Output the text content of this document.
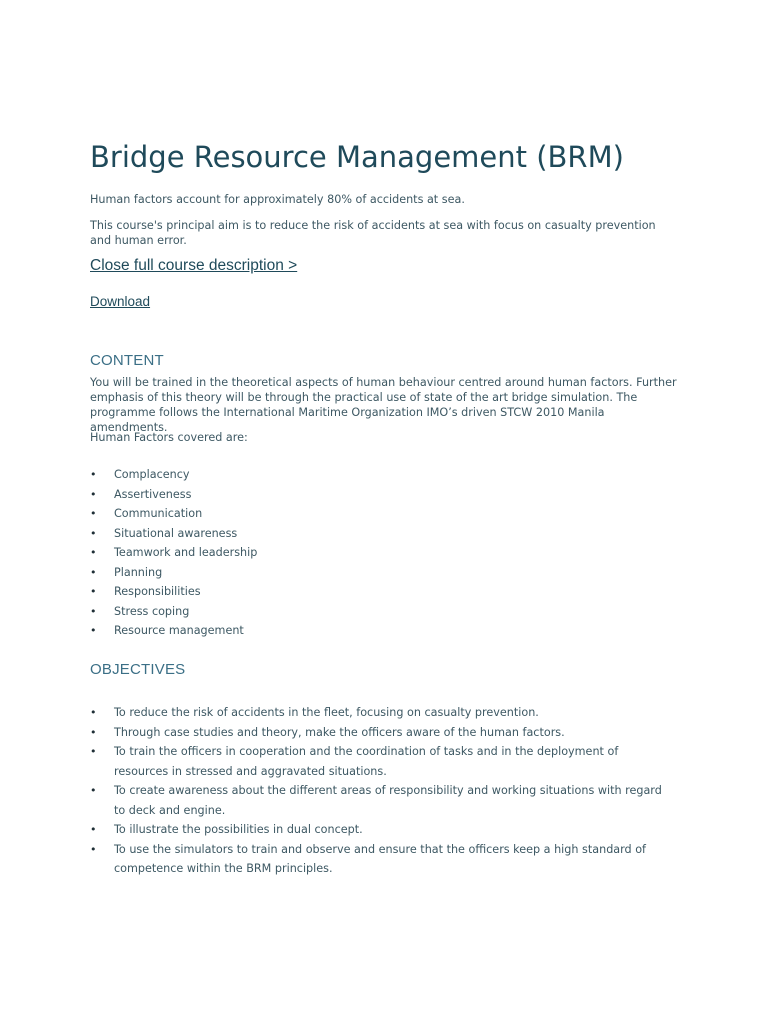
Bridge Resource Management (BRM)

Human factors account for approximately 80% of accidents at sea.

This course's principal aim is to reduce the risk of accidents at sea with focus on casualty prevention and human error.

Close full course description >
Download
CONTENT

You will be trained in the theoretical aspects of human behaviour centred around human factors. Further emphasis of this theory will be through the practical use of state of the art bridge simulation. The programme follows the International Maritime Organization IMO’s driven STCW 2010 Manila amendments.

Human Factors covered are:

• Complacency
• Assertiveness
• Communication
• Situational awareness
• Teamwork and leadership
• Planning
• Responsibilities
• Stress coping
• Resource management
OBJECTIVES
• To reduce the risk of accidents in the fleet, focusing on casualty prevention.
• Through case studies and theory, make the officers aware of the human factors.
• To train the officers in cooperation and the coordination of tasks and in the deployment of resources in stressed and aggravated situations.
• To create awareness about the different areas of responsibility and working situations with regard to deck and engine.
• To illustrate the possibilities in dual concept.
• To use the simulators to train and observe and ensure that the officers keep a high standard of competence within the BRM principles.
